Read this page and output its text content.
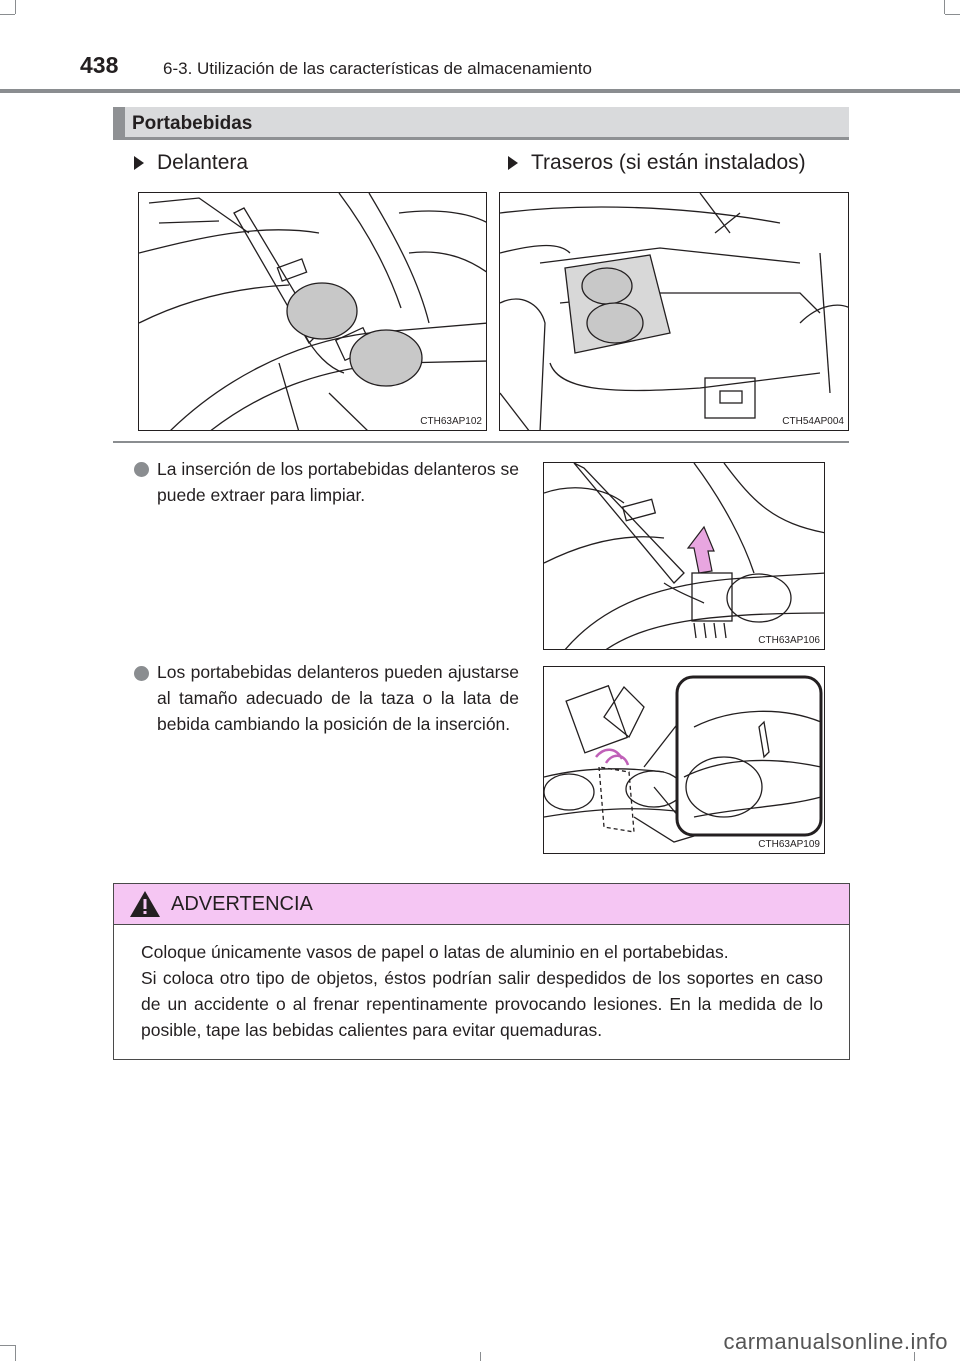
438	6-3. Utilización de las características de almacenamiento
Portabebidas
Delantera	Traseros (si están instalados)
CTH63AP102	CTH54AP004
La inserción de los portabebidas delanteros se puede extraer para limpiar.
CTH63AP106
Los portabebidas delanteros pueden ajustarse al tamaño adecuado de la taza o la lata de bebida cambiando la posición de la inserción.
CTH63AP109
ADVERTENCIA
Coloque únicamente vasos de papel o latas de aluminio en el portabebidas.
Si coloca otro tipo de objetos, éstos podrían salir despedidos de los soportes en caso de un accidente o al frenar repentinamente provocando lesiones. En la medida de lo posible, tape las bebidas calientes para evitar quemaduras.
carmanualsonline.info
